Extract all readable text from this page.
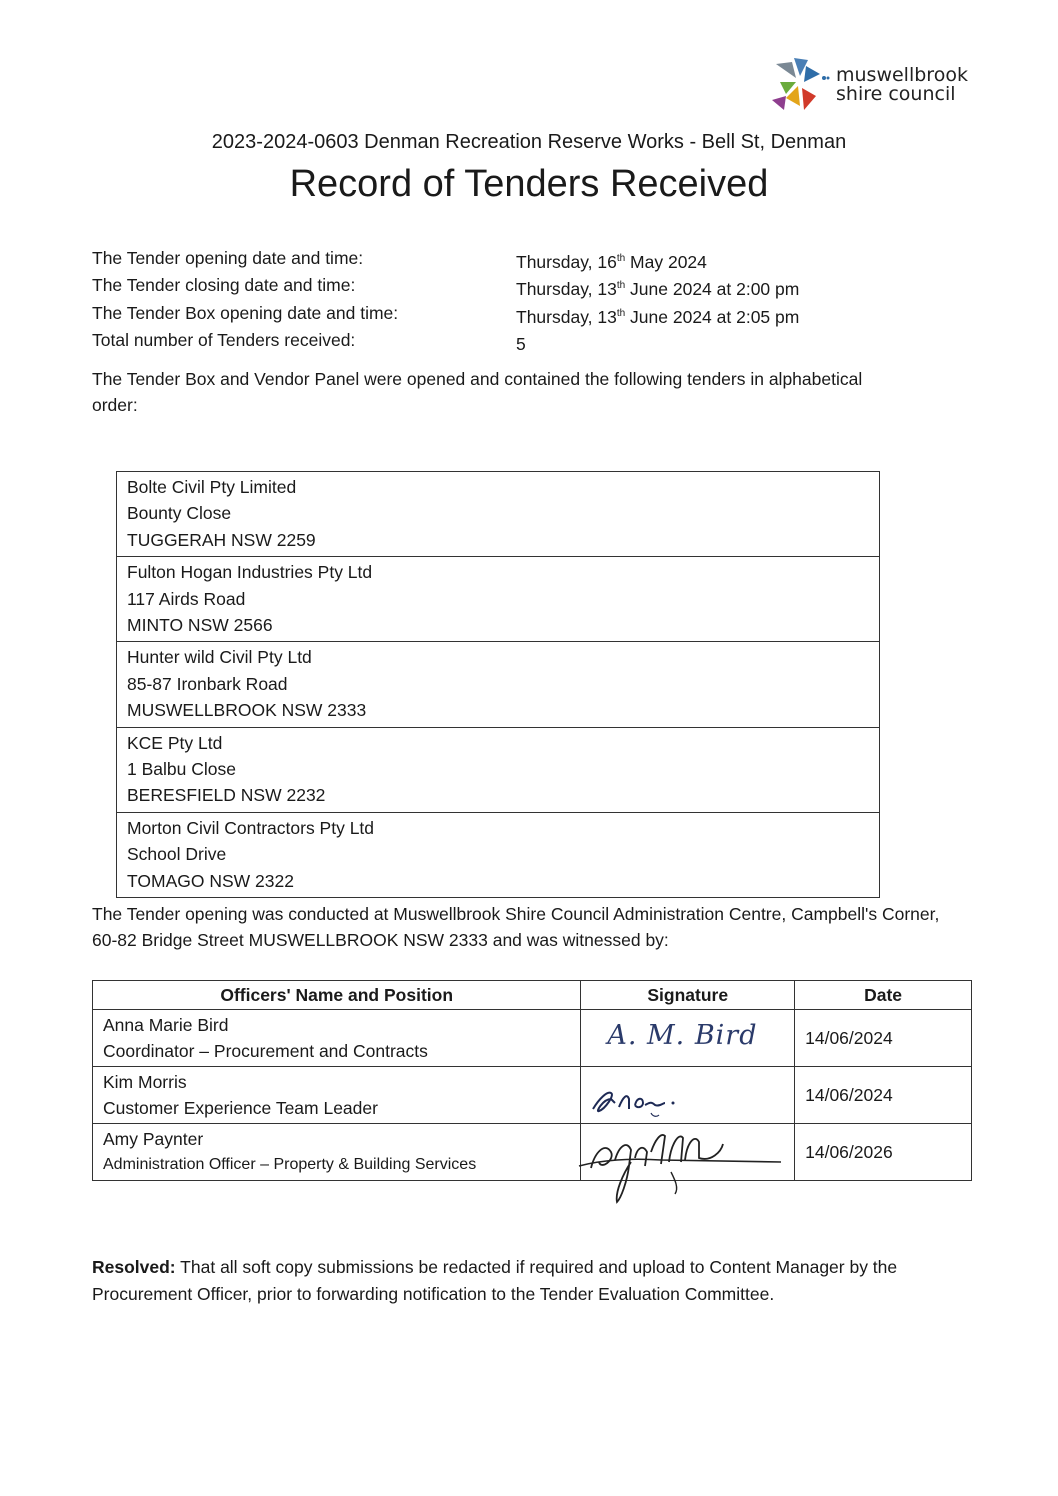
muswellbrook
shire council
2023-2024-0603 Denman Recreation Reserve Works - Bell St, Denman
Record of Tenders Received
The Tender opening date and time:	Thursday, 16th May 2024
The Tender closing date and time:	Thursday, 13th June 2024 at 2:00 pm
The Tender Box opening date and time:	Thursday, 13th June 2024 at 2:05 pm
Total number of Tenders received:	5
The Tender Box and Vendor Panel were opened and contained the following tenders in alphabetical order:
Bolte Civil Pty Limited
Bounty Close
TUGGERAH NSW 2259
Fulton Hogan Industries Pty Ltd
117 Airds Road
MINTO NSW 2566
Hunter wild Civil Pty Ltd
85-87 Ironbark Road
MUSWELLBROOK NSW 2333
KCE Pty Ltd
1 Balbu Close
BERESFIELD NSW 2232
Morton Civil Contractors Pty Ltd
School Drive
TOMAGO NSW 2322
The Tender opening was conducted at Muswellbrook Shire Council Administration Centre, Campbell's Corner, 60-82 Bridge Street MUSWELLBROOK NSW 2333 and was witnessed by:
Officers' Name and Position	Signature	Date

Anna Marie Bird
Coordinator – Procurement and Contracts	A. M. Bird	14/06/2024

Kim Morris
Customer Experience Team Leader		14/06/2024

Amy Paynter
Administration Officer – Property & Building Services		14/06/2026
Resolved: That all soft copy submissions be redacted if required and upload to Content Manager by the Procurement Officer, prior to forwarding notification to the Tender Evaluation Committee.
